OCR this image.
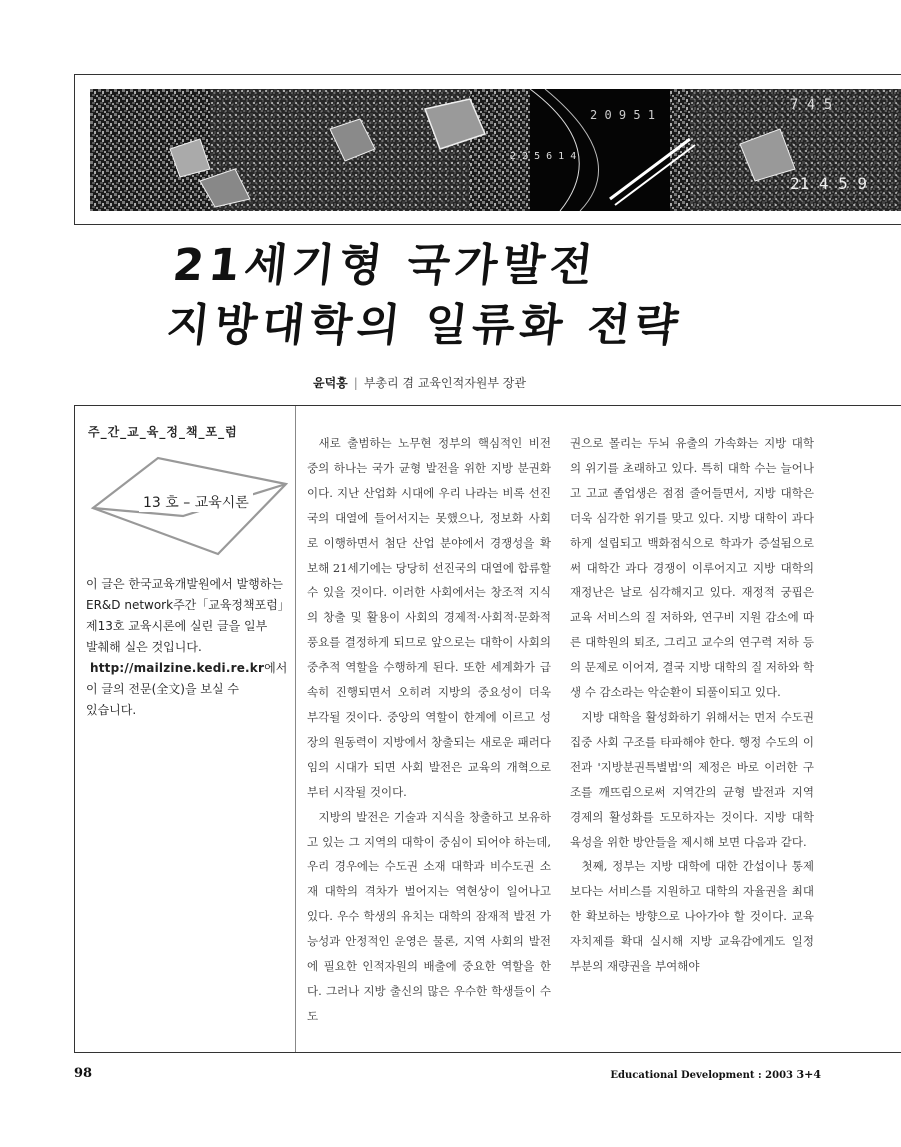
7 4 5
2 0 9 5 1
2 2 5 6 1 4
21 4 5 9
21세기형 국가발전
지방대학의 일류화 전략
윤덕홍 | 부총리 겸 교육인적자원부 장관
주_간_교_육_정_책_포_럼
13 호 – 교육시론
이 글은 한국교육개발원에서 발행하는 ER&D network주간「교육정책포럼」제13호 교육시론에 실린 글을 일부 발췌해 실은 것입니다.
http://mailzine.kedi.re.kr에서 이 글의 전문(全文)을 보실 수 있습니다.

새로 출범하는 노무현 정부의 핵심적인 비전 중의 하나는 국가 균형 발전을 위한 지방 분권화이다. 지난 산업화 시대에 우리 나라는 비록 선진국의 대열에 들어서지는 못했으나, 정보화 사회로 이행하면서 첨단 산업 분야에서 경쟁성을 확보해 21세기에는 당당히 선진국의 대열에 합류할 수 있을 것이다. 이러한 사회에서는 창조적 지식의 창출 및 활용이 사회의 경제적·사회적·문화적 풍요를 결정하게 되므로 앞으로는 대학이 사회의 중추적 역할을 수행하게 된다. 또한 세계화가 급속히 진행되면서 오히려 지방의 중요성이 더욱 부각될 것이다. 중앙의 역할이 한계에 이르고 성장의 원동력이 지방에서 창출되는 새로운 패러다임의 시대가 되면 사회 발전은 교육의 개혁으로부터 시작될 것이다.

지방의 발전은 기술과 지식을 창출하고 보유하고 있는 그 지역의 대학이 중심이 되어야 하는데, 우리 경우에는 수도권 소재 대학과 비수도권 소재 대학의 격차가 벌어지는 역현상이 일어나고 있다. 우수 학생의 유치는 대학의 잠재적 발전 가능성과 안정적인 운영은 물론, 지역 사회의 발전에 필요한 인적자원의 배출에 중요한 역할을 한다. 그러나 지방 출신의 많은 우수한 학생들이 수도

권으로 몰리는 두뇌 유출의 가속화는 지방 대학의 위기를 초래하고 있다. 특히 대학 수는 늘어나고 고교 졸업생은 점점 줄어들면서, 지방 대학은 더욱 심각한 위기를 맞고 있다. 지방 대학이 과다하게 설립되고 백화점식으로 학과가 증설됨으로써 대학간 과다 경쟁이 이루어지고 지방 대학의 재정난은 날로 심각해지고 있다. 재정적 궁핍은 교육 서비스의 질 저하와, 연구비 지원 감소에 따른 대학원의 퇴조, 그리고 교수의 연구력 저하 등의 문제로 이어져, 결국 지방 대학의 질 저하와 학생 수 감소라는 악순환이 되풀이되고 있다.

지방 대학을 활성화하기 위해서는 먼저 수도권 집중 사회 구조를 타파해야 한다. 행정 수도의 이전과 '지방분권특별법'의 제정은 바로 이러한 구조를 깨뜨림으로써 지역간의 균형 발전과 지역 경제의 활성화를 도모하자는 것이다. 지방 대학 육성을 위한 방안들을 제시해 보면 다음과 같다.

첫째, 정부는 지방 대학에 대한 간섭이나 통제보다는 서비스를 지원하고 대학의 자율권을 최대한 확보하는 방향으로 나아가야 할 것이다. 교육자치제를 확대 실시해 지방 교육감에게도 일정 부분의 재량권을 부여해야

98	Educational Development : 2003 3+4
